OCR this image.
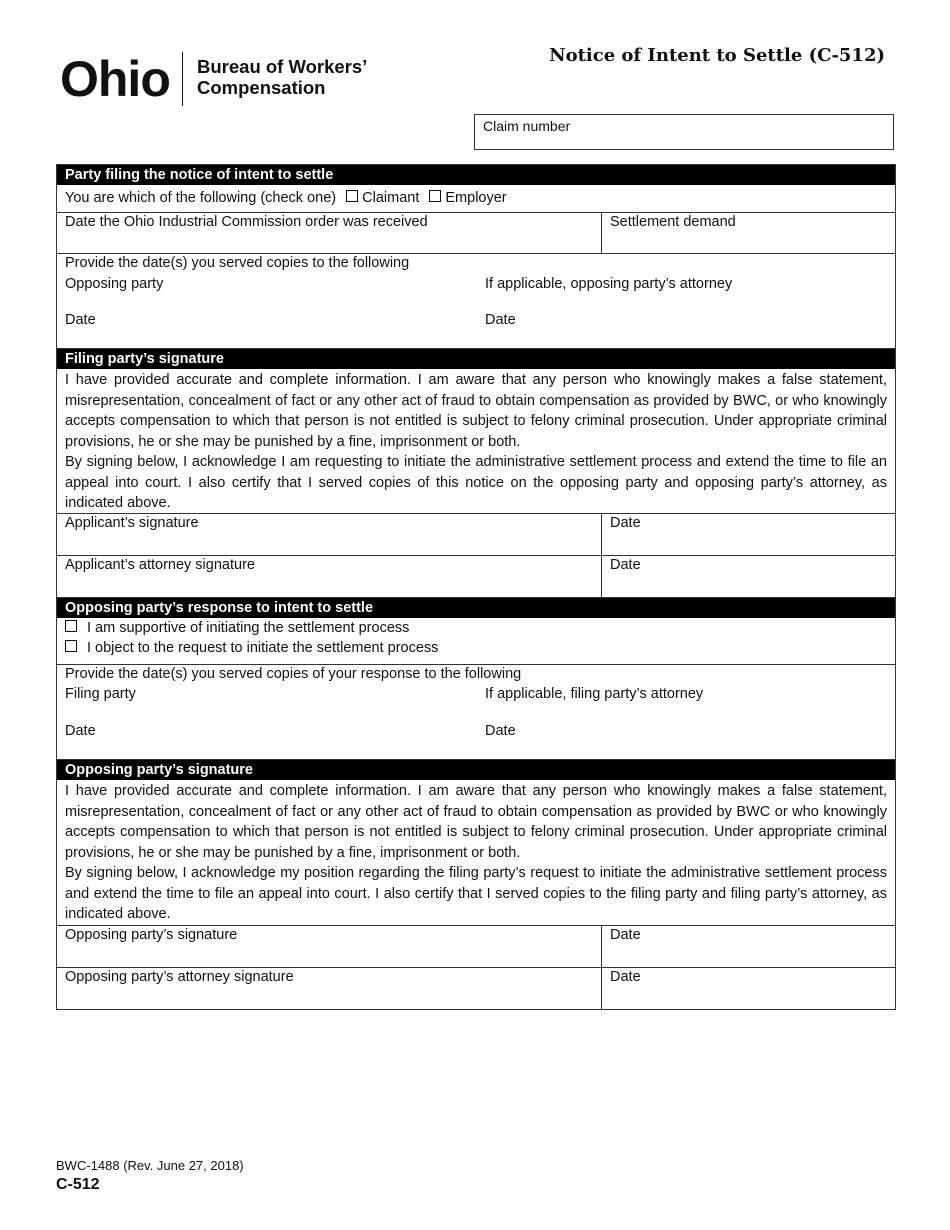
Ohio Bureau of Workers’
Compensation
Notice of Intent to Settle (C-512)
Claim number
Party filing the notice of intent to settle
You are which of the following (check one) Claimant Employer
Date the Ohio Industrial Commission order was received	Settlement demand
Provide the date(s) you served copies to the following
Opposing party	If applicable, opposing party’s attorney
Date	Date
Filing party’s signature
I have provided accurate and complete information. I am aware that any person who knowingly makes a false statement, misrepresentation, concealment of fact or any other act of fraud to obtain compensation as provided by BWC, or who knowingly accepts compensation to which that person is not entitled is subject to felony criminal prosecution. Under appropriate criminal provisions, he or she may be punished by a fine, imprisonment or both.
By signing below, I acknowledge I am requesting to initiate the administrative settlement process and extend the time to file an appeal into court. I also certify that I served copies of this notice on the opposing party and opposing party’s attorney, as indicated above.
Applicant’s signature	Date
Applicant’s attorney signature	Date
Opposing party’s response to intent to settle
I am supportive of initiating the settlement process
I object to the request to initiate the settlement process
Provide the date(s) you served copies of your response to the following
Filing party	If applicable, filing party’s attorney
Date	Date
Opposing party’s signature
I have provided accurate and complete information. I am aware that any person who knowingly makes a false statement, misrepresentation, concealment of fact or any other act of fraud to obtain compensation as provided by BWC or who knowingly accepts compensation to which that person is not entitled is subject to felony criminal prosecution. Under appropriate criminal provisions, he or she may be punished by a fine, imprisonment or both.
By signing below, I acknowledge my position regarding the filing party’s request to initiate the administrative settlement process and extend the time to file an appeal into court. I also certify that I served copies to the filing party and filing party’s attorney, as indicated above.
Opposing party’s signature	Date
Opposing party’s attorney signature	Date
BWC-1488 (Rev. June 27, 2018)
C-512
